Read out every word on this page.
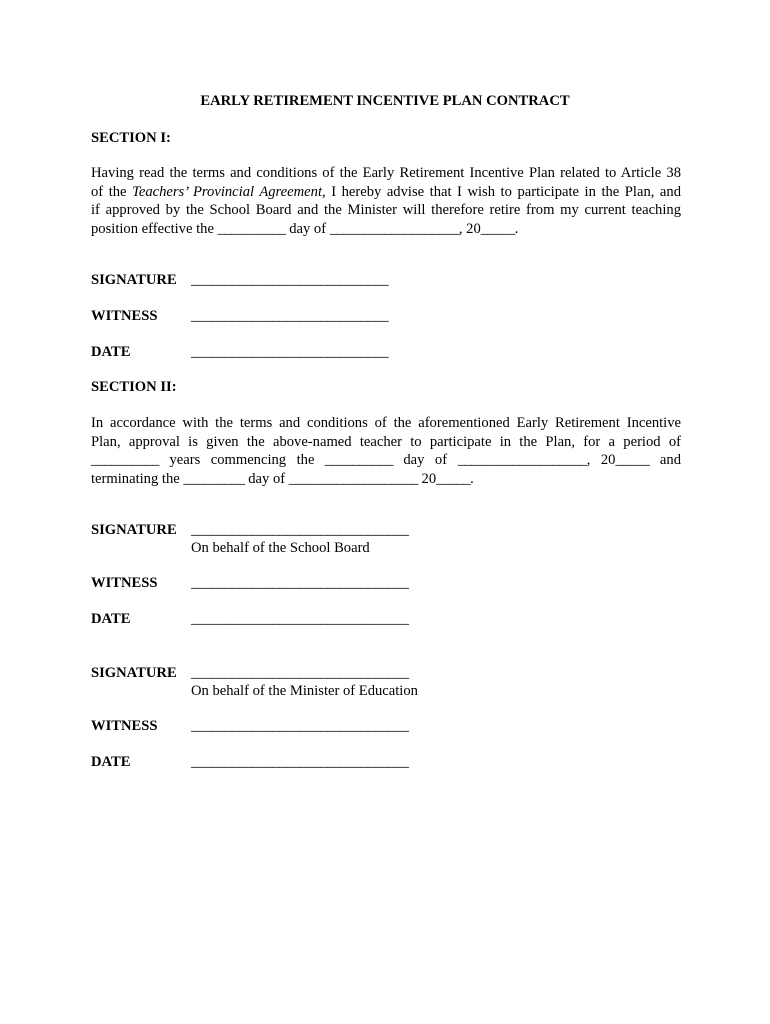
EARLY RETIREMENT INCENTIVE PLAN CONTRACT
SECTION I:
Having read the terms and conditions of the Early Retirement Incentive Plan related to Article 38
of the Teachers’ Provincial Agreement, I hereby advise that I wish to participate in the Plan, and
if approved by the School Board and the Minister will therefore retire from my current teaching
position effective the __________ day of ___________________, 20_____.
SIGNATURE _____________________________
WITNESS _____________________________
DATE	_____________________________
SECTION II:
In accordance with the terms and conditions of the aforementioned Early Retirement Incentive
Plan, approval is given the above-named teacher to participate in the Plan, for a period of
__________ years commencing the __________ day of ___________________, 20_____ and
terminating the _________ day of ___________________ 20_____.
SIGNATURE ________________________________
On behalf of the School Board
WITNESS ________________________________
DATE	________________________________
SIGNATURE ________________________________
On behalf of the Minister of Education
WITNESS ________________________________
DATE	________________________________
